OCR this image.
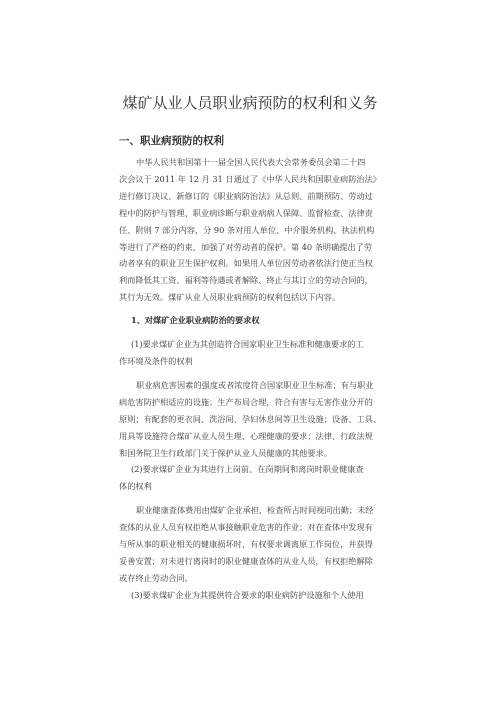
煤矿从业人员职业病预防的权利和义务
一、职业病预防的权利
中华人民共和国第十一届全国人民代表大会常务委员会第二十四
次会议于 2011 年 12 月 31 日通过了《中华人民共和国职业病防治法》
进行修订决议、新修订的《职业病防治法》从总则、前期预防、劳动过
程中的防护与管理、职业病诊断与职业病病人保障、监督检查、法律责
任、附则 7 部分内容，分 90 条对用人单位、中介服务机构、执法机构
等进行了严格的约束，加强了对劳动者的保护。第 40 条明确提出了劳
动者享有的职业卫生保护权利。如果用人单位因劳动者依法行使正当权
利而降低其工资、福利等待遇或者解除、终止与其订立的劳动合同的，
其行为无效。煤矿从业人员职业病预防的权利包括以下内容。
1、对煤矿企业职业病防治的要求权
(1)要求煤矿企业为其创造符合国家职业卫生标准和健康要求的工
作环境及条件的权利
职业病危害因素的强度或者浓度符合国家职业卫生标准；有与职业
病危害防护相适应的设施；生产布局合理，符合有害与无害作业分开的
原则；有配套的更衣间、洗浴间、孕妇休息间等卫生设施；设备、工具、
用具等设施符合煤矿从业人员生理、心理健康的要求；法律、行政法规
和国务院卫生行政部门关于保护从业人员健康的其他要求。
(2)要求煤矿企业为其进行上岗前、在岗期间和离岗时职业健康查
体的权利
职业健康查体费用由煤矿企业承担，检查所占时间视同出勤；未经
查体的从业人员有权拒绝从事接触职业危害的作业；对在查体中发现有
与所从事的职业相关的健康损坏时，有权要求调离原工作岗位，并获得
妥善安置；对未进行离岗时的职业健康查体的从业人员，有权拒绝解除
或存终止劳动合同。
(3)要求煤矿企业为其提供符合要求的职业病防护设施和个人使用
